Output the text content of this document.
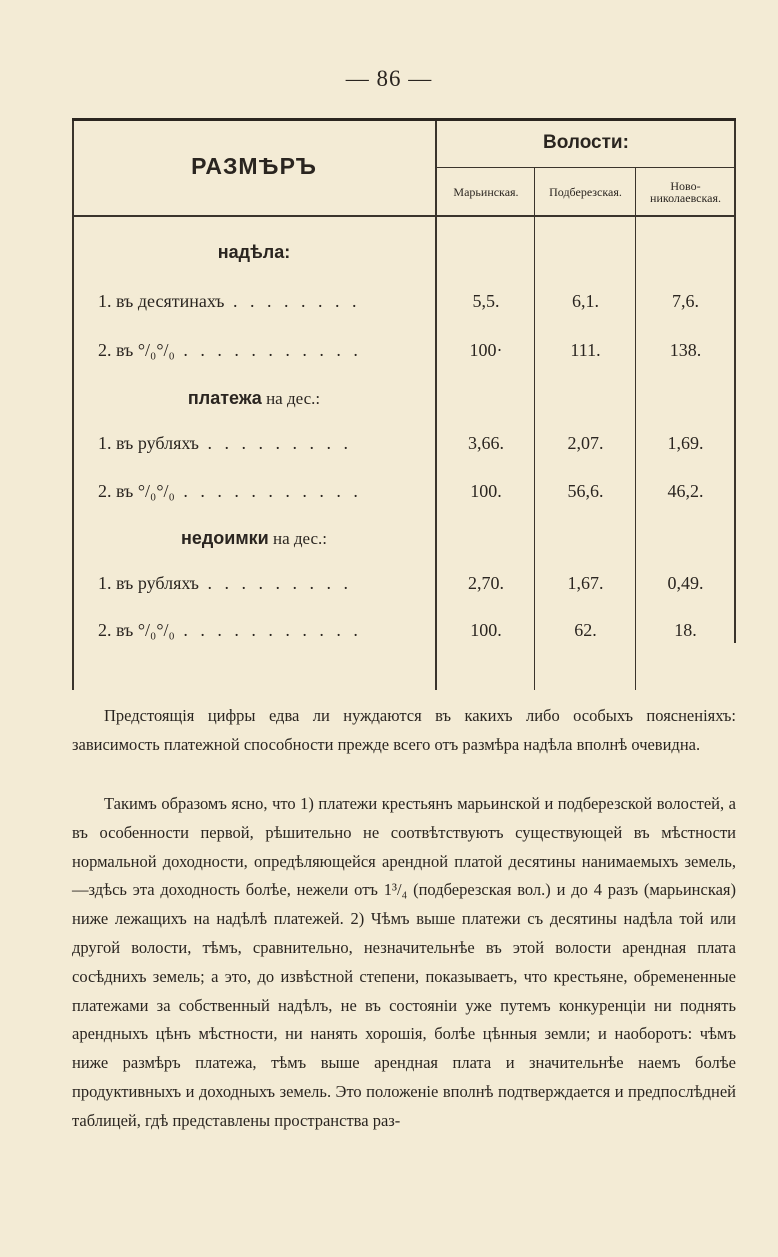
— 86 —
РАЗМѢРЪ
Волости:
Марьинская.	Подберезская.	Ново-
николаевская.
надѣла:
1. въ десятинахъ . . . . . . . .	5,5.	6,1.	7,6.
2. въ °/₀°/₀ . . . . . . . . . . .	100·	111.	138.
платежа на дес.:
1. въ рубляхъ . . . . . . . . .	3,66.	2,07.	1,69.
2. въ °/₀°/₀ . . . . . . . . . . .	100.	56,6.	46,2.
недоимки на дес.:
1. въ рубляхъ . . . . . . . . .	2,70.	1,67.	0,49.
2. въ °/₀°/₀ . . . . . . . . . . .	100.	62.	18.

Предстоящія цифры едва ли нуждаются въ какихъ либо особыхъ поясненіяхъ: зависимость платежной способности прежде всего отъ размѣра надѣла вполнѣ очевидна.

Такимъ образомъ ясно, что 1) платежи крестьянъ марьинской и подберезской волостей, а въ особенности первой, рѣшительно не соотвѣтствуютъ существующей въ мѣстности нормальной доходности, опредѣляющейся арендной платой десятины нанимаемыхъ земель,—здѣсь эта доходность болѣе, нежели отъ 1³/₄ (подберезская вол.) и до 4 разъ (марьинская) ниже лежащихъ на надѣлѣ платежей. 2) Чѣмъ выше платежи съ десятины надѣла той или другой волости, тѣмъ, сравнительно, незначительнѣе въ этой волости арендная плата сосѣднихъ земель; а это, до извѣстной степени, показываетъ, что крестьяне, обремененные платежами за собственный надѣлъ, не въ состояніи уже путемъ конкуренціи ни поднять арендныхъ цѣнъ мѣстности, ни нанять хорошія, болѣе цѣнныя земли; и наоборотъ: чѣмъ ниже размѣръ платежа, тѣмъ выше арендная плата и значительнѣе наемъ болѣе продуктивныхъ и доходныхъ земель. Это положеніе вполнѣ подтверждается и предпослѣдней таблицей, гдѣ представлены пространства раз-
